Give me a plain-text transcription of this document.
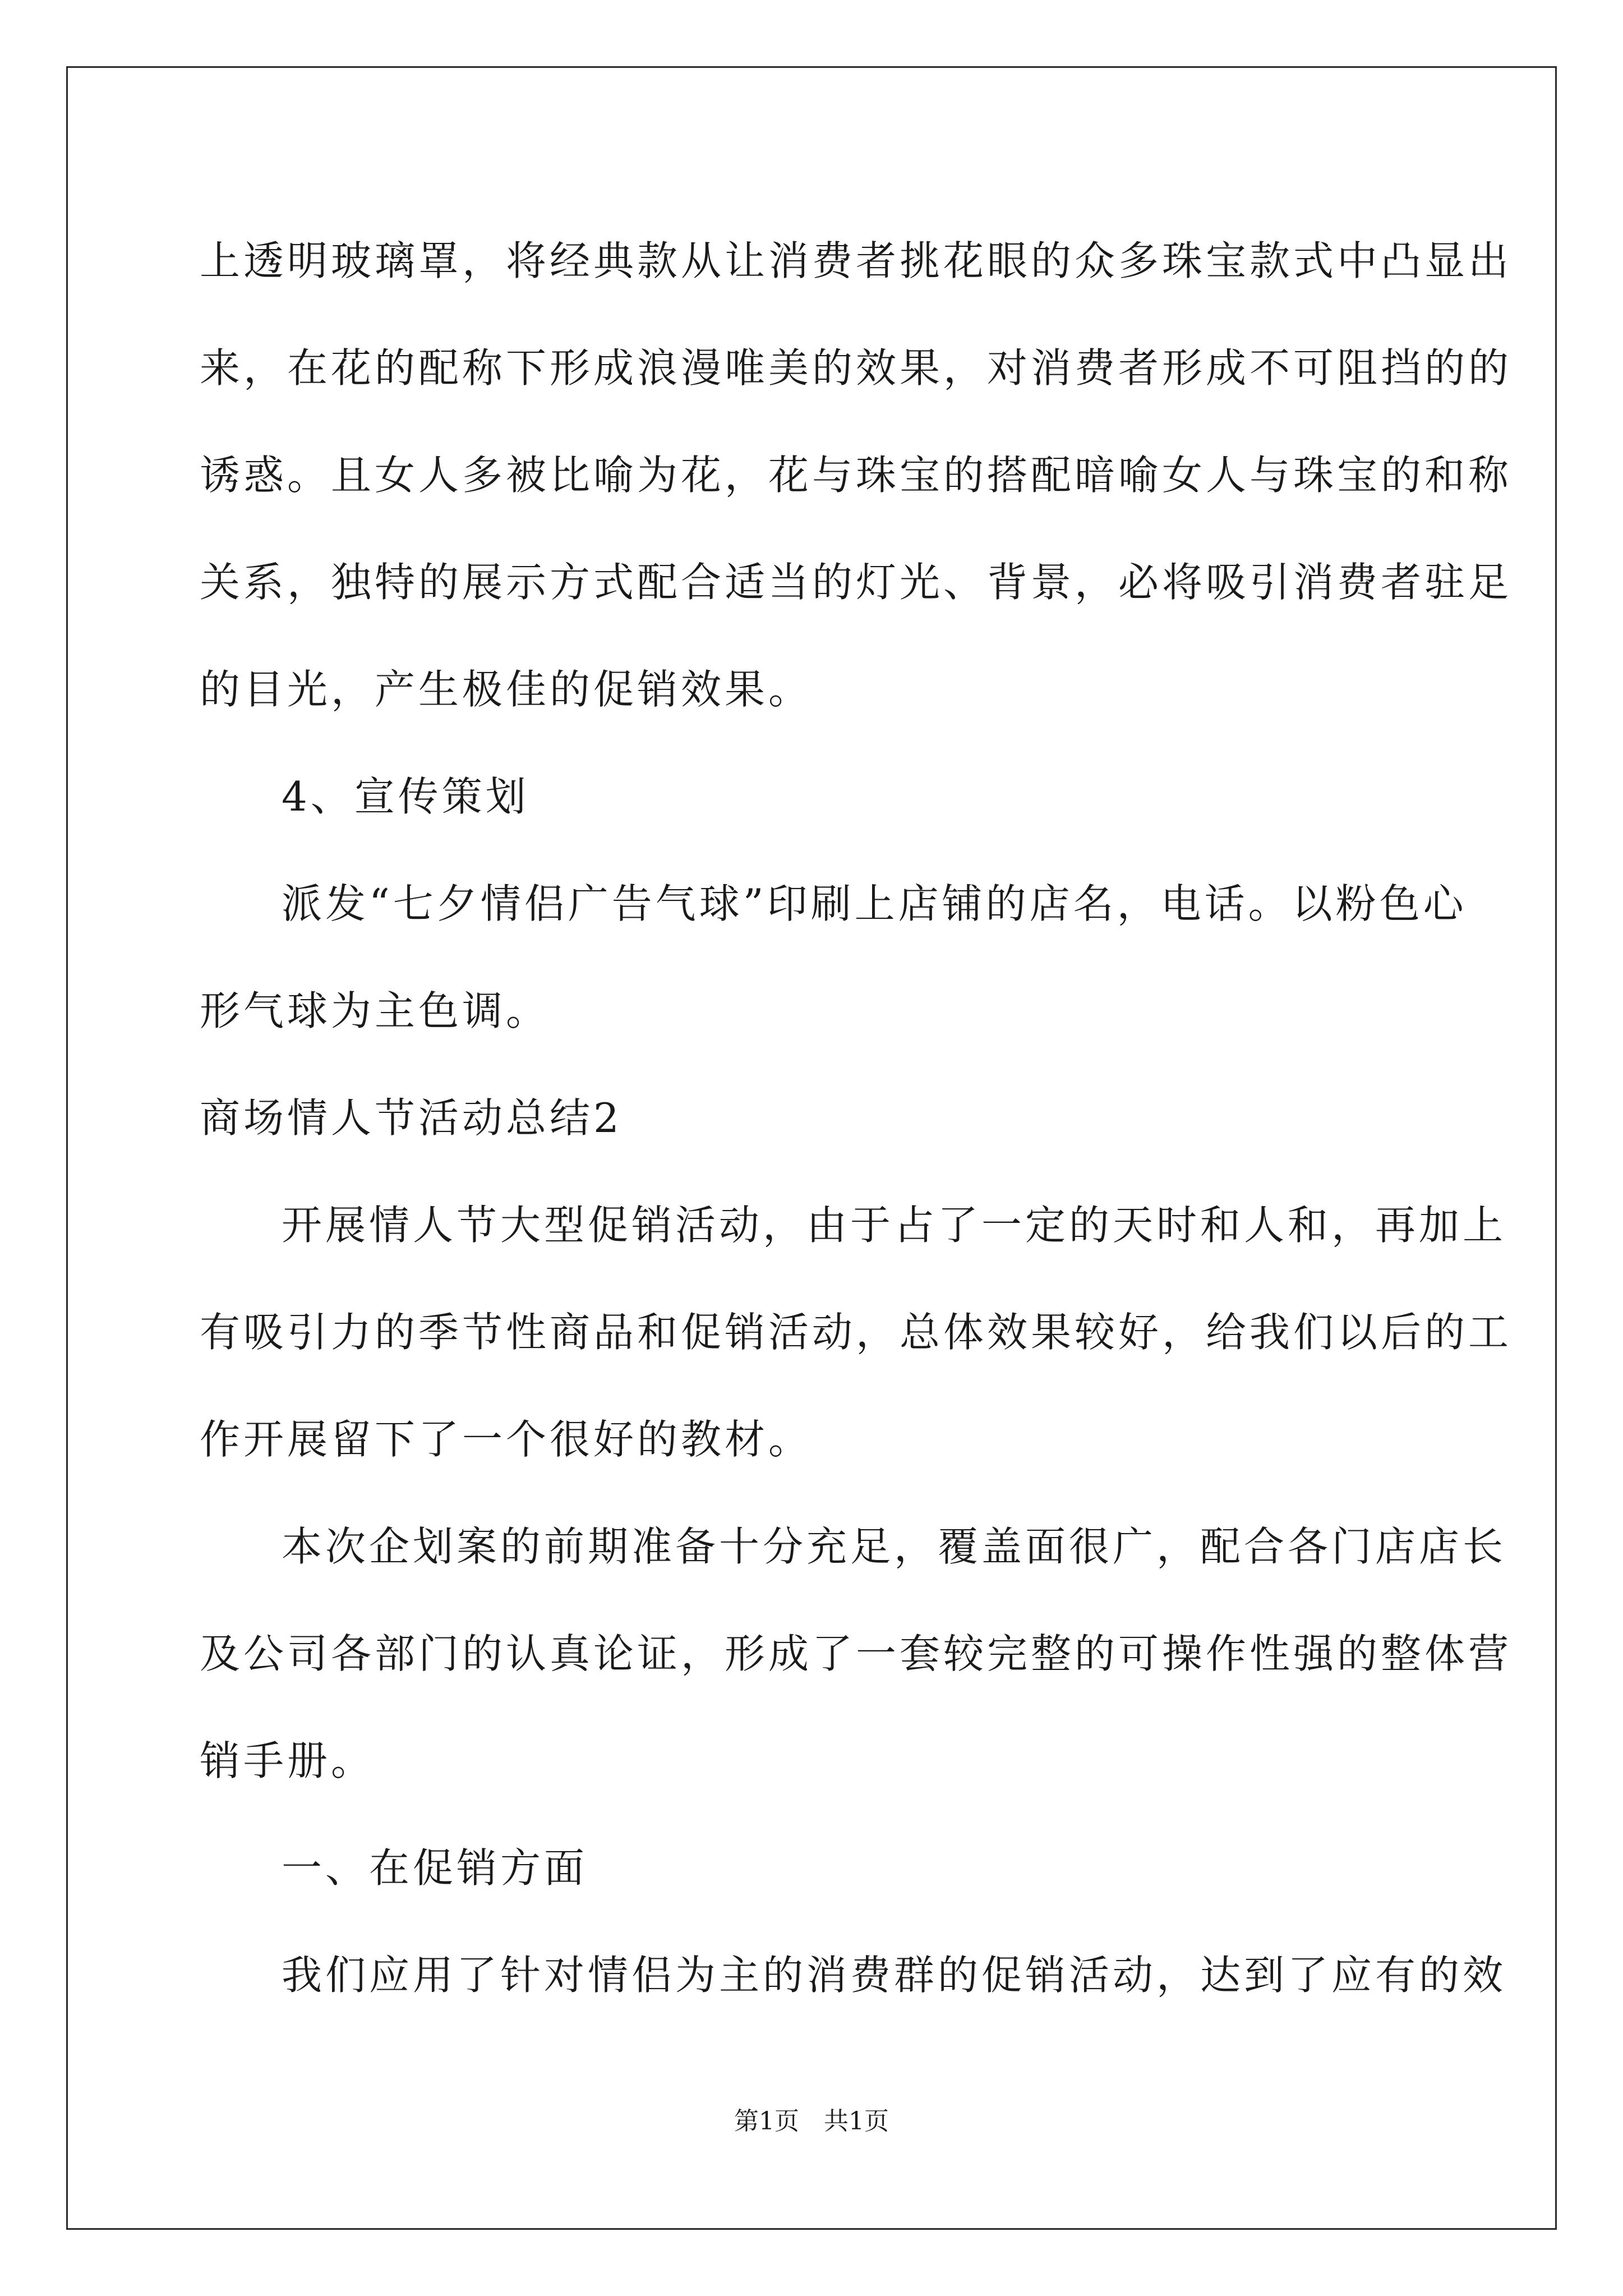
上透明玻璃罩，将经典款从让消费者挑花眼的众多珠宝款式中凸显出
来，在花的配称下形成浪漫唯美的效果，对消费者形成不可阻挡的的
诱惑。且女人多被比喻为花，花与珠宝的搭配暗喻女人与珠宝的和称
关系，独特的展示方式配合适当的灯光、背景，必将吸引消费者驻足
的目光，产生极佳的促销效果。
4、宣传策划
派发“七夕情侣广告气球”印刷上店铺的店名，电话。以粉色心
形气球为主色调。
商场情人节活动总结2
开展情人节大型促销活动，由于占了一定的天时和人和，再加上
有吸引力的季节性商品和促销活动，总体效果较好，给我们以后的工
作开展留下了一个很好的教材。
本次企划案的前期准备十分充足，覆盖面很广，配合各门店店长
及公司各部门的认真论证，形成了一套较完整的可操作性强的整体营
销手册。
一、在促销方面
我们应用了针对情侣为主的消费群的促销活动，达到了应有的效
第1页　共1页
